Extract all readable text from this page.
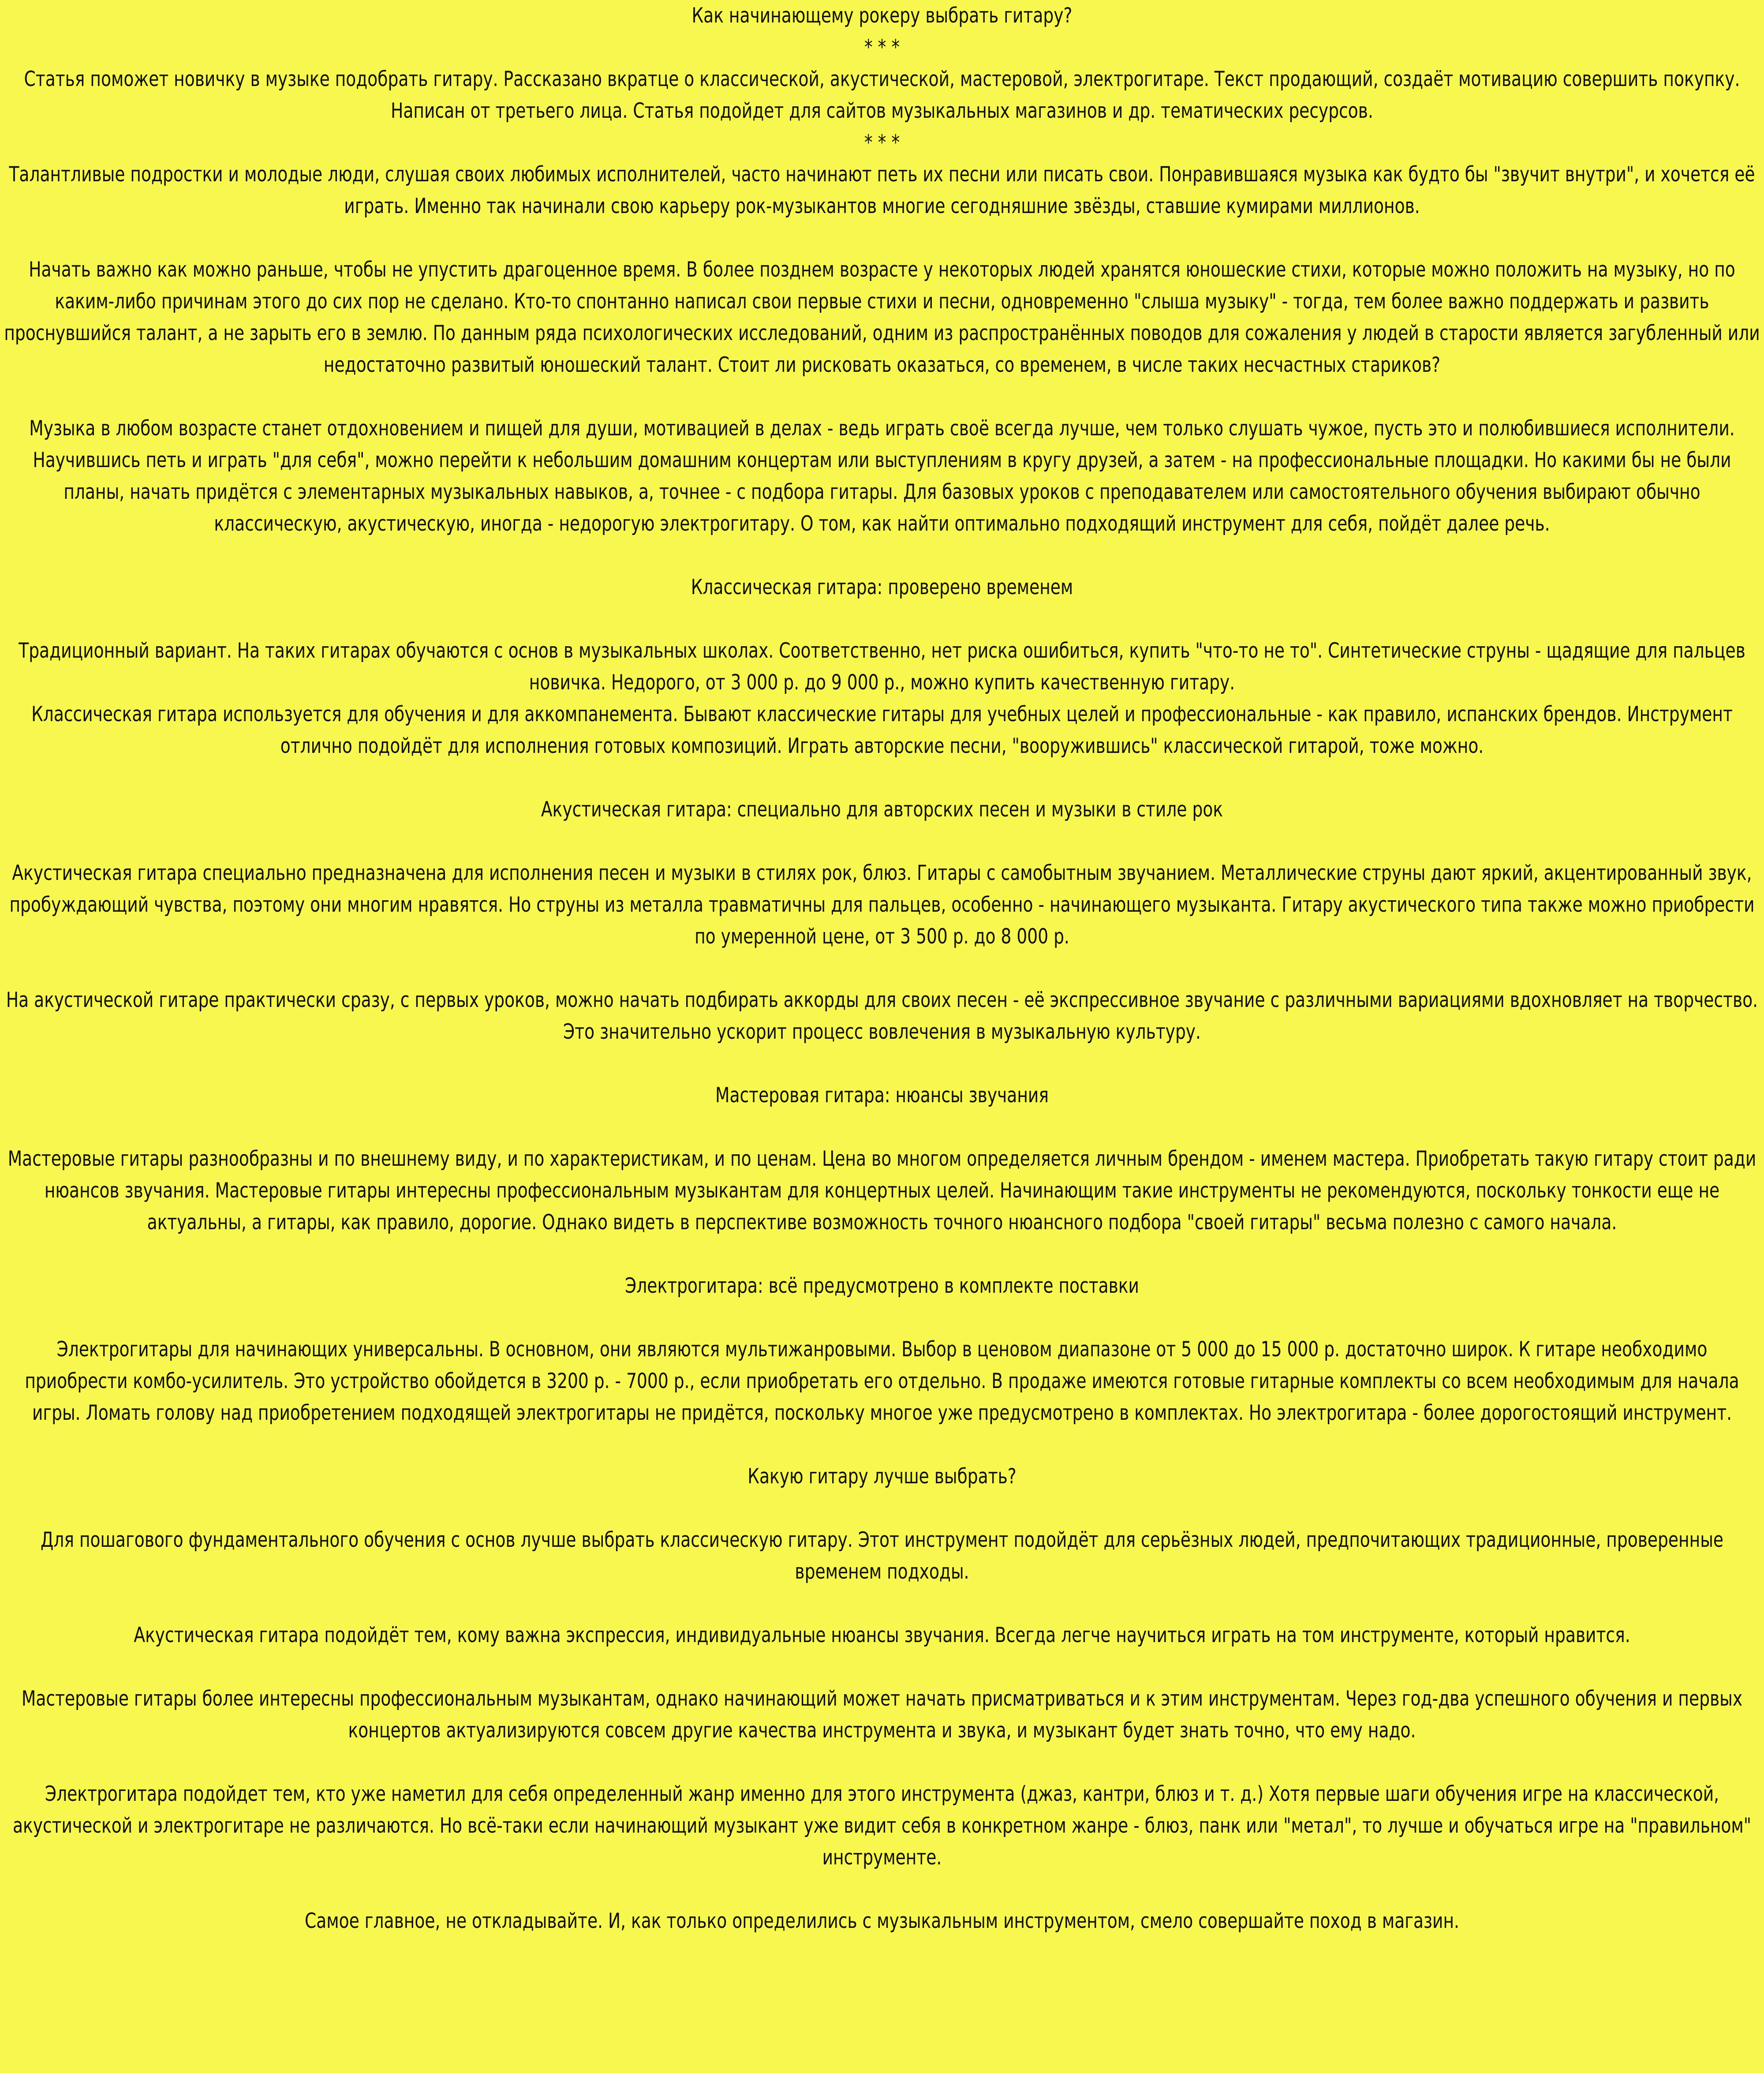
Как начинающему рокеру выбрать гитару?
* * *
Статья поможет новичку в музыке подобрать гитару. Рассказано вкратце о классической, акустической, мастеровой, электрогитаре. Текст продающий, создаёт мотивацию совершить покупку. Написан от третьего лица. Статья подойдет для сайтов музыкальных магазинов и др. тематических ресурсов.
* * *
Талантливые подростки и молодые люди, слушая своих любимых исполнителей, часто начинают петь их песни или писать свои. Понравившаяся музыка как будто бы "звучит внутри", и хочется её играть. Именно так начинали свою карьеру рок-музыкантов многие сегодняшние звёзды, ставшие кумирами миллионов.
Начать важно как можно раньше, чтобы не упустить драгоценное время. В более позднем возрасте у некоторых людей хранятся юношеские стихи, которые можно положить на музыку, но по каким-либо причинам этого до сих пор не сделано. Кто-то спонтанно написал свои первые стихи и песни, одновременно "слыша музыку" - тогда, тем более важно поддержать и развить проснувшийся талант, а не зарыть его в землю. По данным ряда психологических исследований, одним из распространённых поводов для сожаления у людей в старости является загубленный или недостаточно развитый юношеский талант. Стоит ли рисковать оказаться, со временем, в числе таких несчастных стариков?
Музыка в любом возрасте станет отдохновением и пищей для души, мотивацией в делах - ведь играть своё всегда лучше, чем только слушать чужое, пусть это и полюбившиеся исполнители. Научившись петь и играть "для себя", можно перейти к небольшим домашним концертам или выступлениям в кругу друзей, а затем - на профессиональные площадки. Но какими бы не были планы, начать придётся с элементарных музыкальных навыков, а, точнее - с подбора гитары. Для базовых уроков с преподавателем или самостоятельного обучения выбирают обычно классическую, акустическую, иногда - недорогую электрогитару. О том, как найти оптимально подходящий инструмент для себя, пойдёт далее речь.
Классическая гитара: проверено временем
Традиционный вариант. На таких гитарах обучаются с основ в музыкальных школах. Соответственно, нет риска ошибиться, купить "что-то не то". Синтетические струны - щадящие для пальцев новичка. Недорого, от 3 000 р. до 9 000 р., можно купить качественную гитару.
Классическая гитара используется для обучения и для аккомпанемента. Бывают классические гитары для учебных целей и профессиональные - как правило, испанских брендов. Инструмент отлично подойдёт для исполнения готовых композиций. Играть авторские песни, "вооружившись" классической гитарой, тоже можно.
Акустическая гитара: специально для авторских песен и музыки в стиле рок
Акустическая гитара специально предназначена для исполнения песен и музыки в стилях рок, блюз. Гитары с самобытным звучанием. Металлические струны дают яркий, акцентированный звук, пробуждающий чувства, поэтому они многим нравятся. Но струны из металла травматичны для пальцев, особенно - начинающего музыканта. Гитару акустического типа также можно приобрести по умеренной цене, от 3 500 р. до 8 000 р.
На акустической гитаре практически сразу, с первых уроков, можно начать подбирать аккорды для своих песен - её экспрессивное звучание с различными вариациями вдохновляет на творчество. Это значительно ускорит процесс вовлечения в музыкальную культуру.
Мастеровая гитара: нюансы звучания
Мастеровые гитары разнообразны и по внешнему виду, и по характеристикам, и по ценам. Цена во многом определяется личным брендом - именем мастера. Приобретать такую гитару стоит ради нюансов звучания. Мастеровые гитары интересны профессиональным музыкантам для концертных целей. Начинающим такие инструменты не рекомендуются, поскольку тонкости еще не актуальны, а гитары, как правило, дорогие. Однако видеть в перспективе возможность точного нюансного подбора "своей гитары" весьма полезно с самого начала.
Электрогитара: всё предусмотрено в комплекте поставки
Электрогитары для начинающих универсальны. В основном, они являются мультижанровыми. Выбор в ценовом диапазоне от 5 000 до 15 000 р. достаточно широк. К гитаре необходимо приобрести комбо-усилитель. Это устройство обойдется в 3200 р. - 7000 р., если приобретать его отдельно. В продаже имеются готовые гитарные комплекты со всем необходимым для начала игры. Ломать голову над приобретением подходящей электрогитары не придётся, поскольку многое уже предусмотрено в комплектах. Но электрогитара - более дорогостоящий инструмент.
Какую гитару лучше выбрать?
Для пошагового фундаментального обучения с основ лучше выбрать классическую гитару. Этот инструмент подойдёт для серьёзных людей, предпочитающих традиционные, проверенные временем подходы.
Акустическая гитара подойдёт тем, кому важна экспрессия, индивидуальные нюансы звучания. Всегда легче научиться играть на том инструменте, который нравится.
Мастеровые гитары более интересны профессиональным музыкантам, однако начинающий может начать присматриваться и к этим инструментам. Через год-два успешного обучения и первых концертов актуализируются совсем другие качества инструмента и звука, и музыкант будет знать точно, что ему надо.
Электрогитара подойдет тем, кто уже наметил для себя определенный жанр именно для этого инструмента (джаз, кантри, блюз и т. д.) Хотя первые шаги обучения игре на классической, акустической и электрогитаре не различаются. Но всё-таки если начинающий музыкант уже видит себя в конкретном жанре - блюз, панк или "метал", то лучше и обучаться игре на "правильном" инструменте.
Самое главное, не откладывайте. И, как только определились с музыкальным инструментом, смело совершайте поход в магазин.
